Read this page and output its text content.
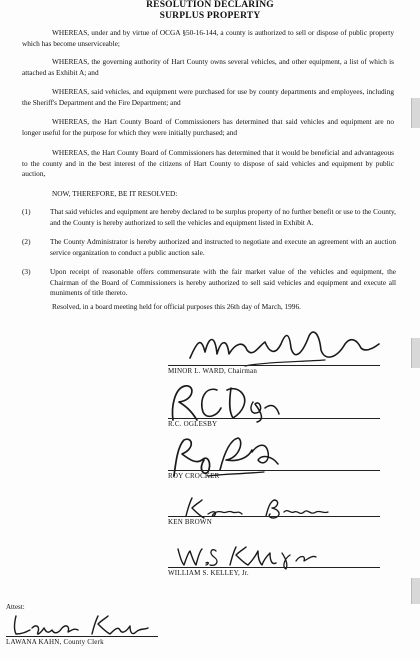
RESOLUTION DECLARING
SURPLUS PROPERTY
WHEREAS, under and by virtue of OCGA §50-16-144, a county is authorized to sell or dispose of public property which has become unserviceable;
WHEREAS, the governing authority of Hart County owns several vehicles, and other equipment, a list of which is attached as Exhibit A; and
WHEREAS, said vehicles, and equipment were purchased for use by county departments and employees, including the Sheriff's Department and the Fire Department; and
WHEREAS, the Hart County Board of Commissioners has determined that said vehicles and equipment are no longer useful for the purpose for which they were initially purchased; and
WHEREAS, the Hart County Board of Commissioners has determined that it would be beneficial and advantageous to the county and in the best interest of the citizens of Hart County to dispose of said vehicles and equipment by public auction,
NOW, THEREFORE, BE IT RESOLVED:
(1)	That said vehicles and equipment are hereby declared to be surplus property of no further benefit or use to the County, and the County is hereby authorized to sell the vehicles and equipment listed in Exhibit A.
(2)	The County Administrator is hereby authorized and instructed to negotiate and execute an agreement with an auction service organization to conduct a public auction sale.
(3)	Upon receipt of reasonable offers commensurate with the fair market value of the vehicles and equipment, the Chairman of the Board of Commissioners is hereby authorized to sell said vehicles and equipment and execute all muniments of title thereto.
Resolved, in a board meeting held for official purposes this 26th day of March, 1996.
MINOR L. WARD, Chairman
R.C. OGLESBY
ROY CROCKER
KEN BROWN
WILLIAM S. KELLEY, Jr.
Attest:
LAWANA KAHN, County Clerk
